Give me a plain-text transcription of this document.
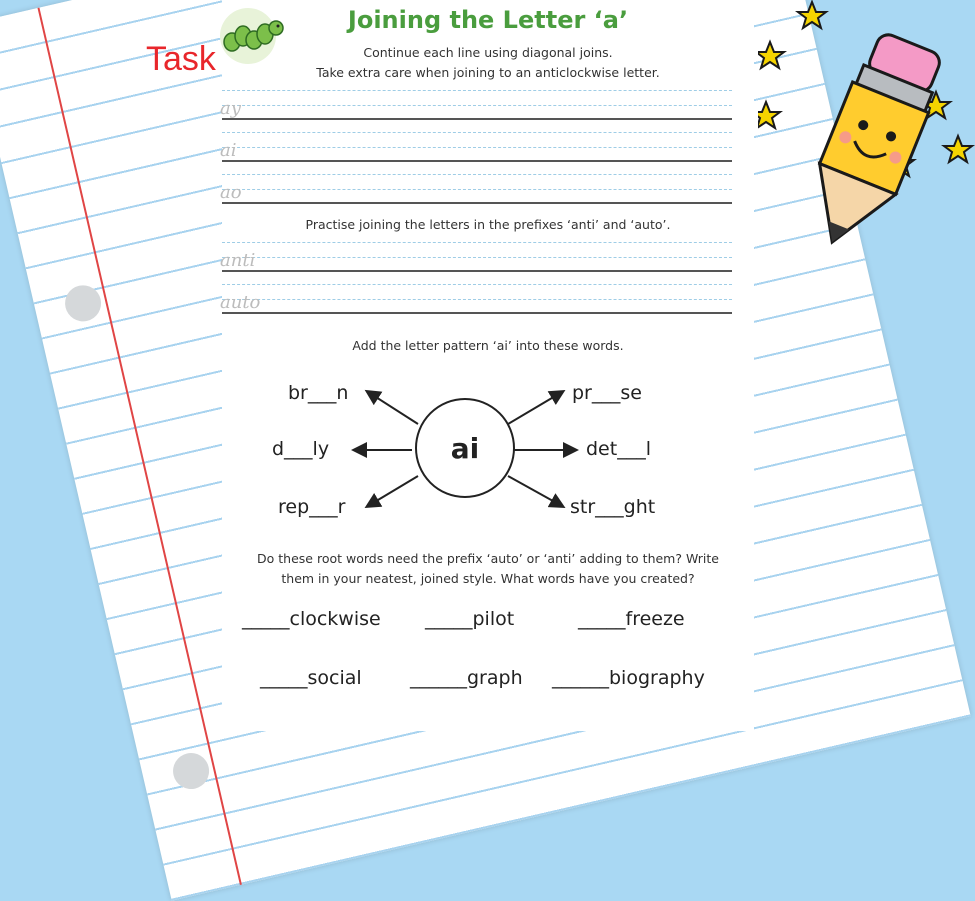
Task
Joining the Letter ‘a’
Continue each line using diagonal joins.
Take extra care when joining to an anticlockwise letter.
ay
ai
ao
Practise joining the letters in the prefixes ‘anti’ and ‘auto’.
anti
auto
Add the letter pattern ‘ai’ into these words.
ai
br___n
d___ly
rep___r
pr___se
det___l
str___ght
Do these root words need the prefix ‘auto’ or ‘anti’ adding to them? Write
them in your neatest, joined style. What words have you created?
_____clockwise _____pilot	_____freeze
_____social	______graph ______biography
